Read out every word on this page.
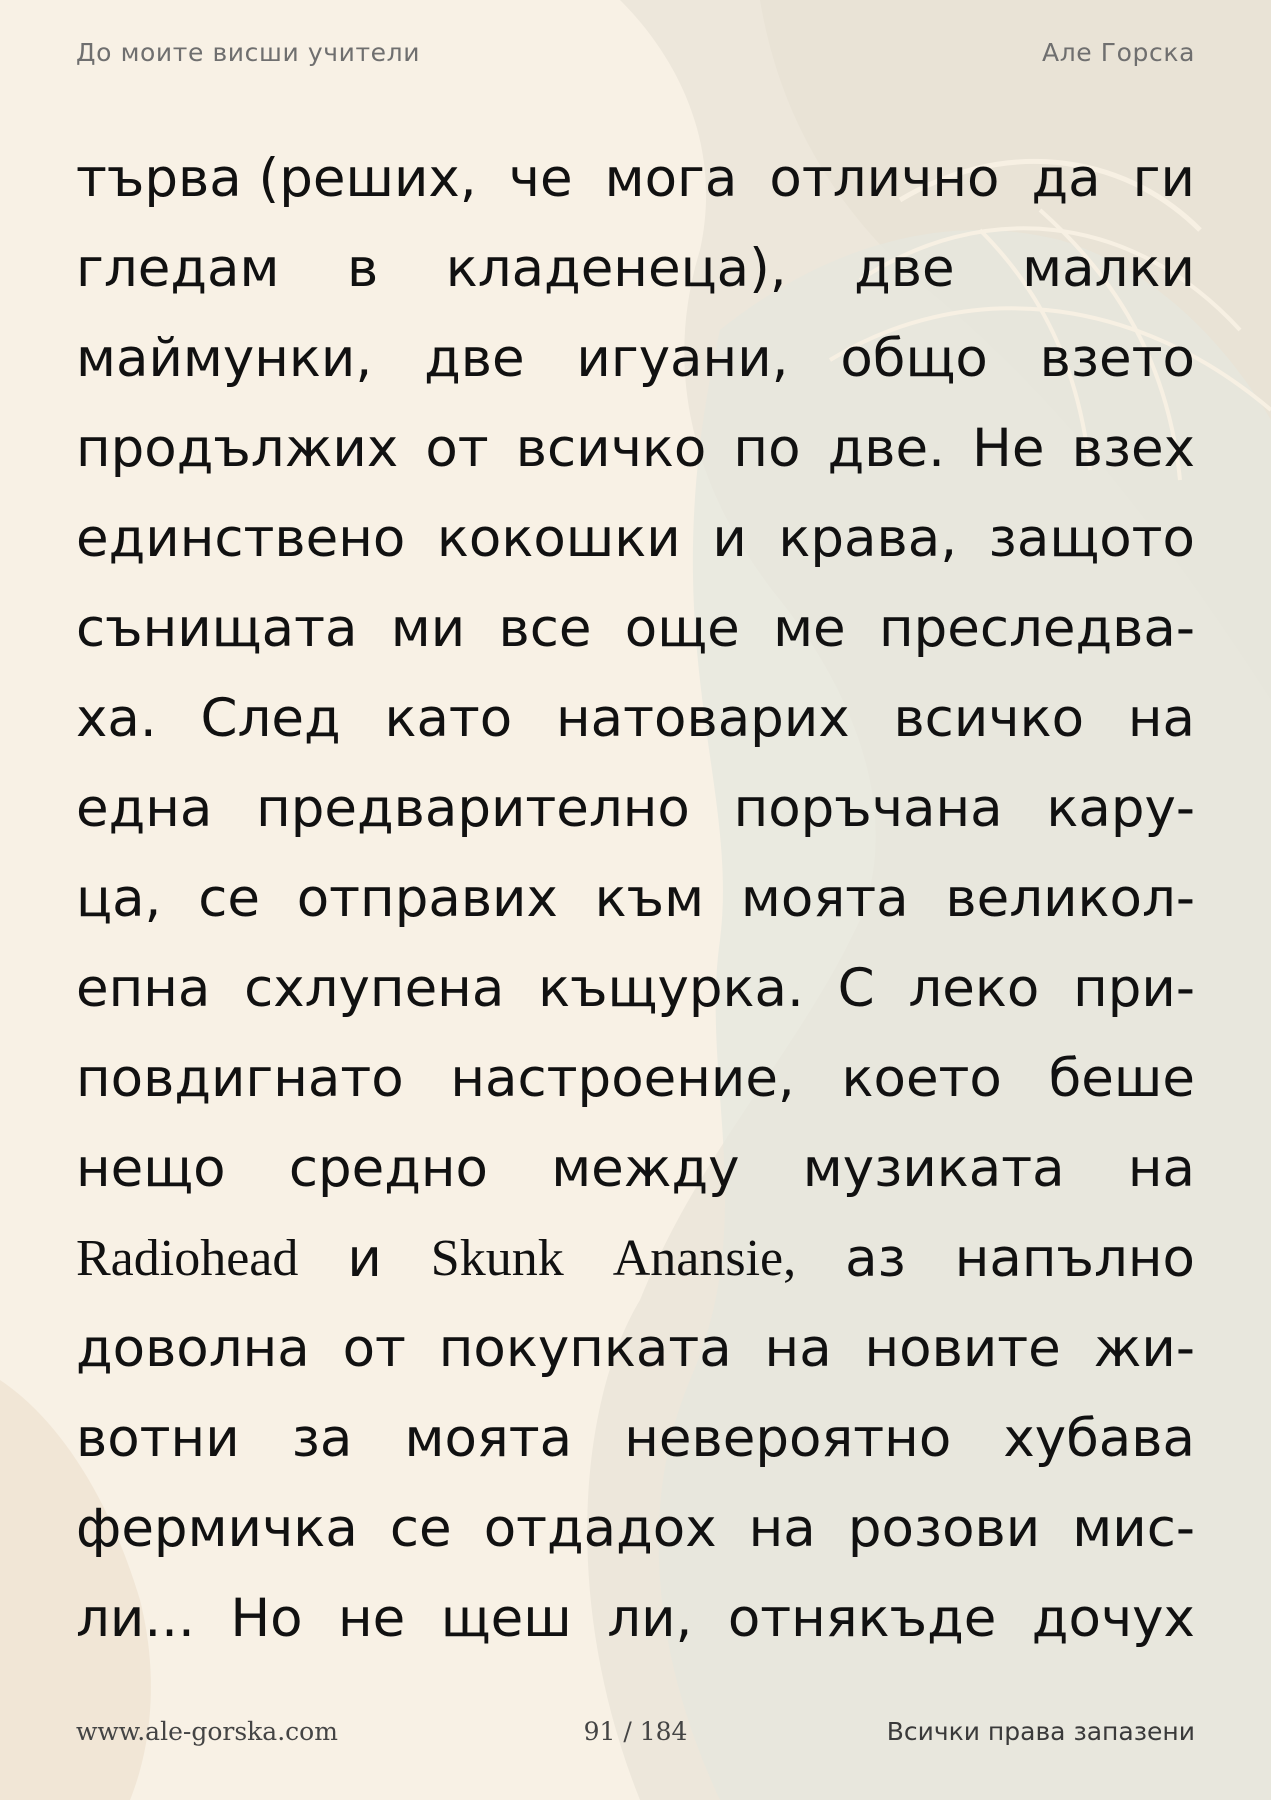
До моите висши учители	Але Горска
търва (реших, че мога отлично да ги
гледам в кладенеца), две малки
маймунки, две игуани, общо взето
продължих от всичко по две. Не взех
единствено кокошки и крава, защото
сънищата ми все още ме преследва-
ха. След като натоварих всичко на
една предварително поръчана кару-
ца, се отправих към моята великол-
епна схлупена къщурка. С леко при-
повдигнато настроение, което беше
нещо средно между музиката на
Radiohead и Skunk Anansie, аз напълно
доволна от покупката на новите жи-
вотни за моята невероятно хубава
фермичка се отдадох на розови мис-
ли... Но не щеш ли, отнякъде дочух
www.ale-gorska.com	91 / 184	Всички права запазени
